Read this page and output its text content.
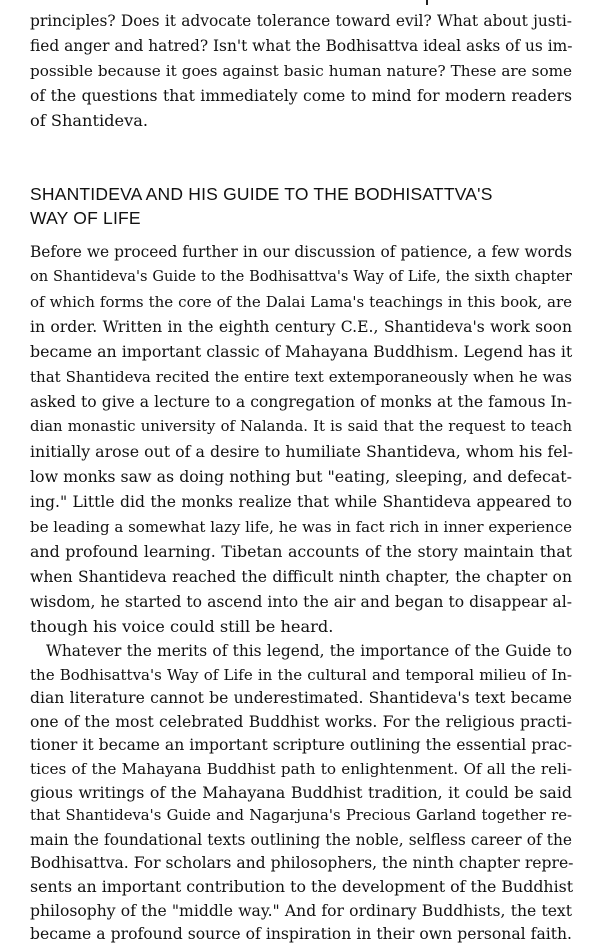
principles? Does it advocate tolerance toward evil? What about justi-
fied anger and hatred? Isn't what the Bodhisattva ideal asks of us im-
possible because it goes against basic human nature? These are some
of the questions that immediately come to mind for modern readers
of Shantideva.
SHANTIDEVA AND HIS GUIDE TO THE BODHISATTVA'S
WAY OF LIFE
Before we proceed further in our discussion of patience, a few words
on Shantideva's Guide to the Bodhisattva's Way of Life, the sixth chapter
of which forms the core of the Dalai Lama's teachings in this book, are
in order. Written in the eighth century C.E., Shantideva's work soon
became an important classic of Mahayana Buddhism. Legend has it
that Shantideva recited the entire text extemporaneously when he was
asked to give a lecture to a congregation of monks at the famous In-
dian monastic university of Nalanda. It is said that the request to teach
initially arose out of a desire to humiliate Shantideva, whom his fel-
low monks saw as doing nothing but "eating, sleeping, and defecat-
ing." Little did the monks realize that while Shantideva appeared to
be leading a somewhat lazy life, he was in fact rich in inner experience
and profound learning. Tibetan accounts of the story maintain that
when Shantideva reached the difficult ninth chapter, the chapter on
wisdom, he started to ascend into the air and began to disappear al-
though his voice could still be heard.
Whatever the merits of this legend, the importance of the Guide to
the Bodhisattva's Way of Life in the cultural and temporal milieu of In-
dian literature cannot be underestimated. Shantideva's text became
one of the most celebrated Buddhist works. For the religious practi-
tioner it became an important scripture outlining the essential prac-
tices of the Mahayana Buddhist path to enlightenment. Of all the reli-
gious writings of the Mahayana Buddhist tradition, it could be said
that Shantideva's Guide and Nagarjuna's Precious Garland together re-
main the foundational texts outlining the noble, selfless career of the
Bodhisattva. For scholars and philosophers, the ninth chapter repre-
sents an important contribution to the development of the Buddhist
philosophy of the "middle way." And for ordinary Buddhists, the text
became a profound source of inspiration in their own personal faith.
